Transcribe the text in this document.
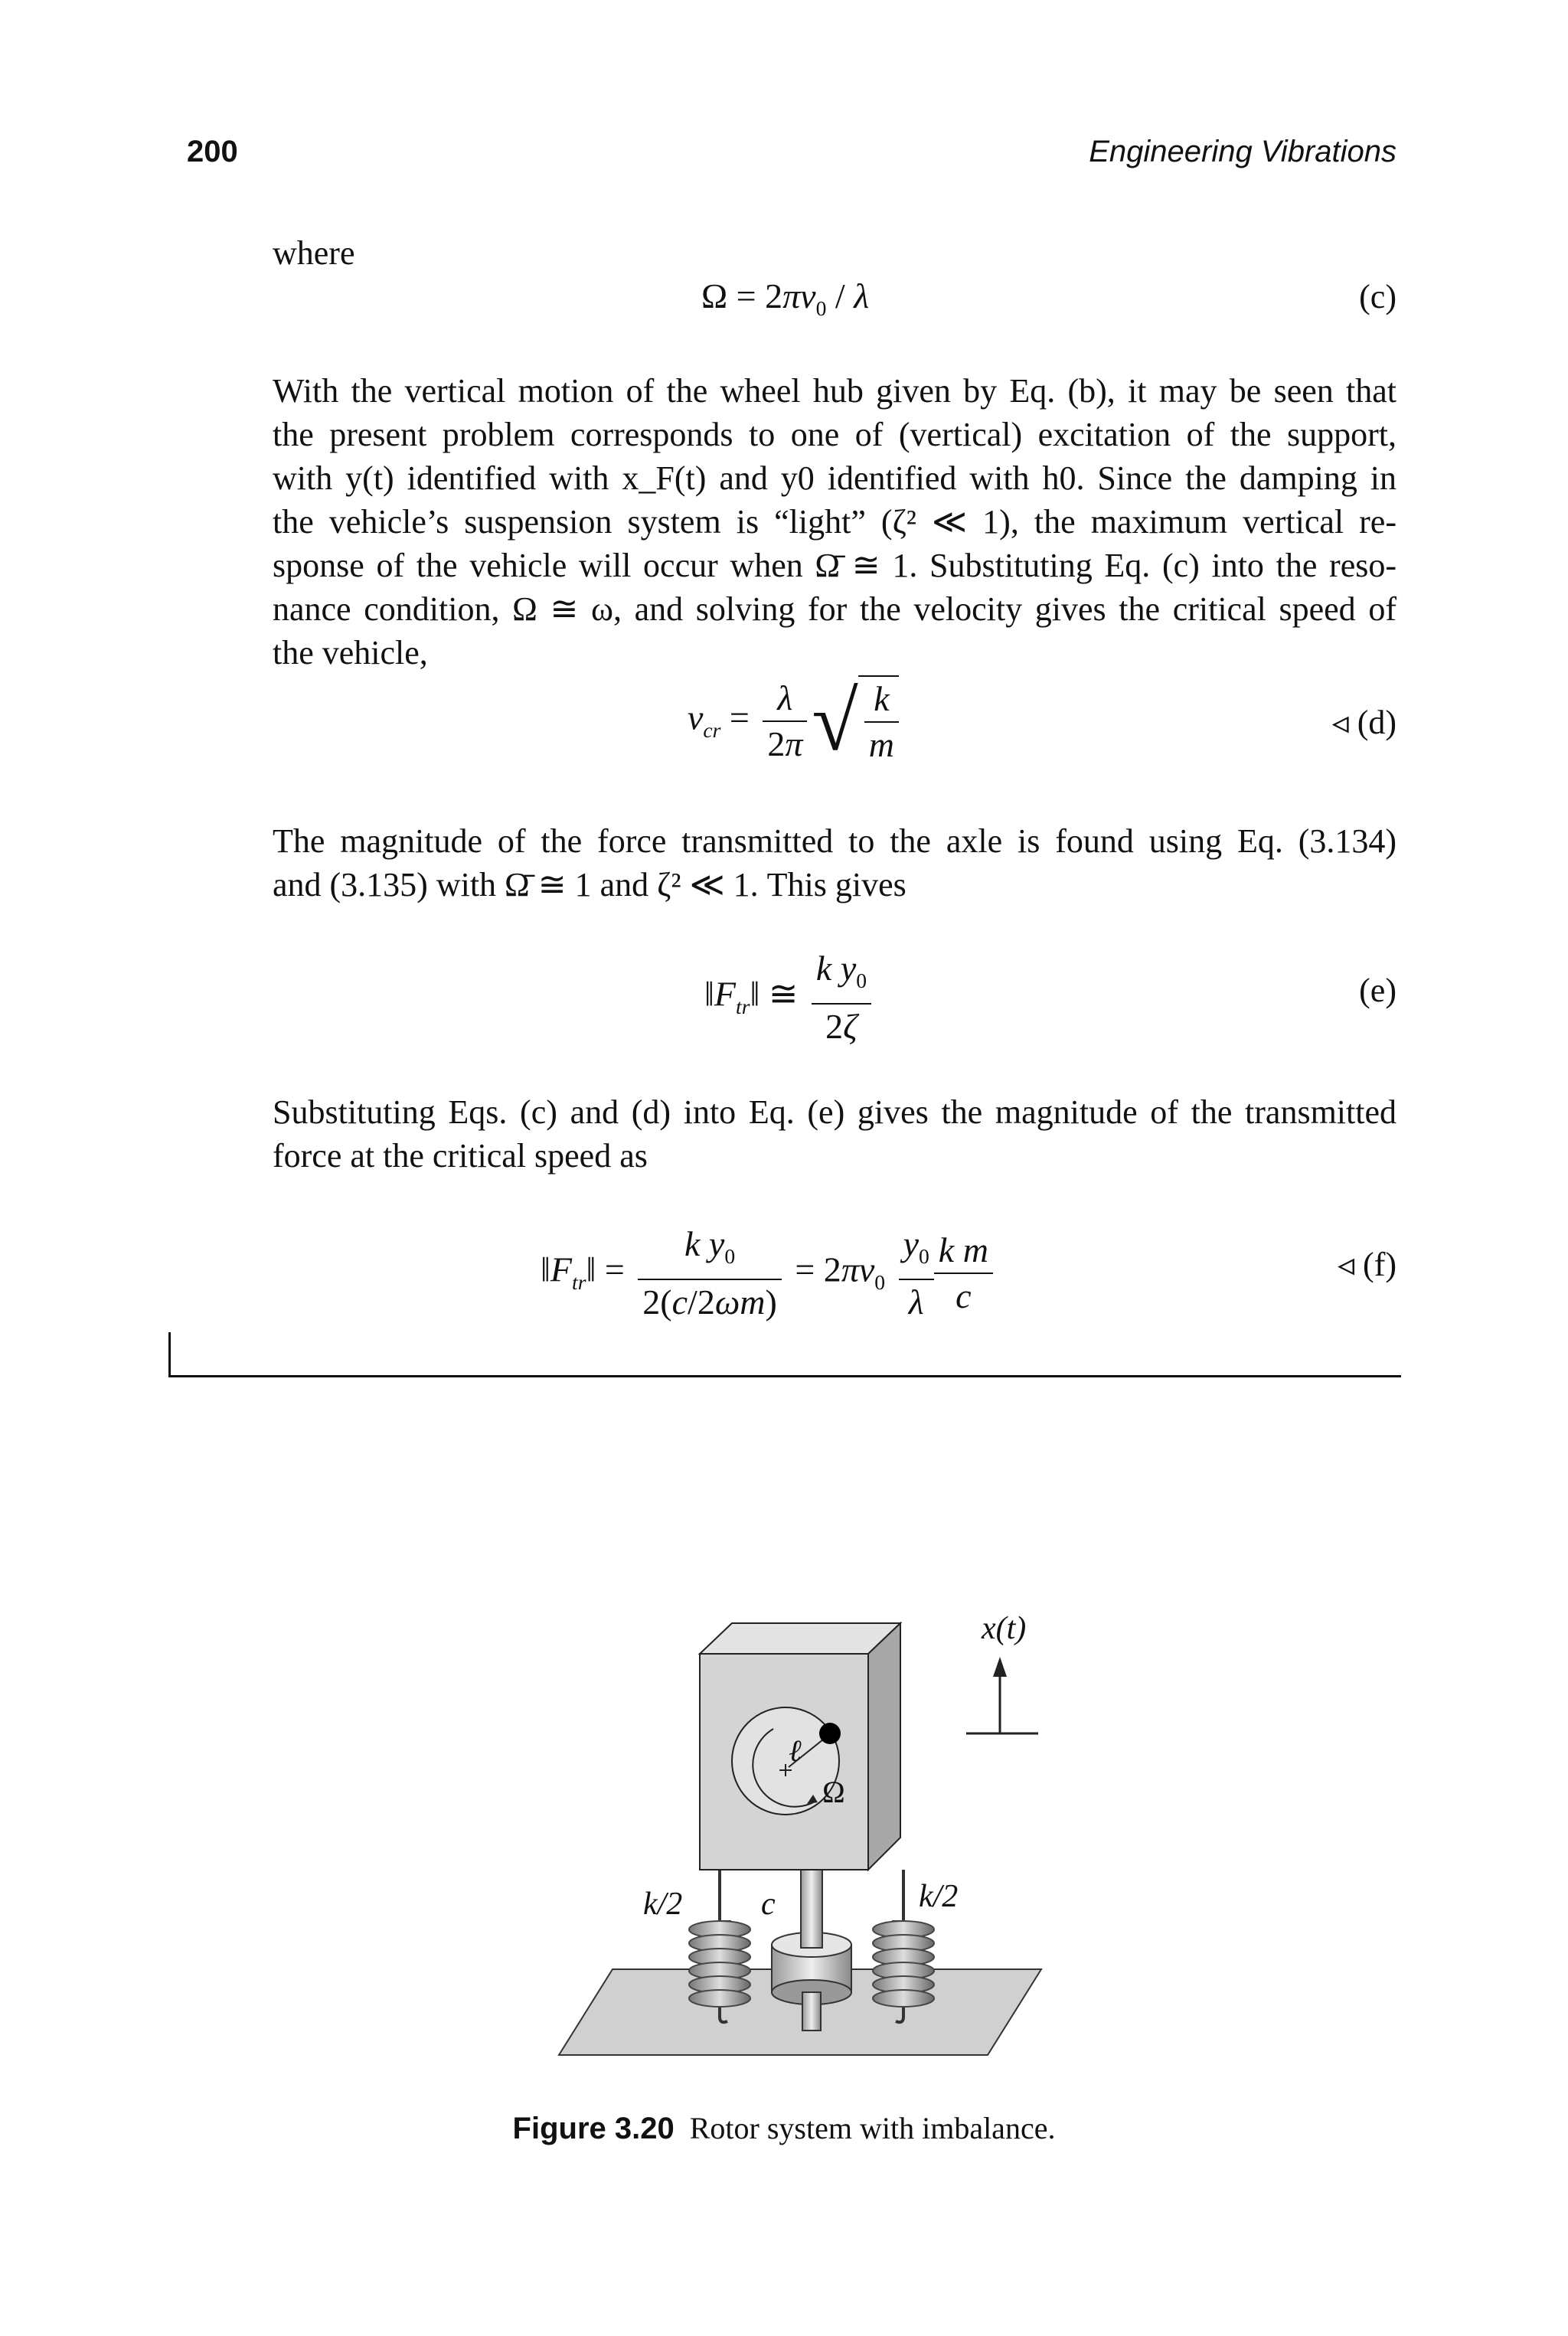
200	Engineering Vibrations
where
$\Omega = 2\pi v_0 / \lambda$	(c)
With the vertical motion of the wheel hub given by Eq. (b), it may be seen that
the present problem corresponds to one of (vertical) excitation of the support,
with y(t) identified with x_F(t) and y0 identified with h0. Since the damping in
the vehicle’s suspension system is “light” (ζ² ≪ 1), the maximum vertical re-
sponse of the vehicle will occur when Ω̄ ≅ 1. Substituting Eq. (c) into the reso-
nance condition, Ω ≅ ω, and solving for the velocity gives the critical speed of
the vehicle,
$v_{cr} = \frac{\lambda}{2\pi}$ √ $\frac{k}{m}$	◃ (d)
The magnitude of the force transmitted to the axle is found using Eq. (3.134)
and (3.135) with Ω̄ ≅ 1 and ζ² ≪ 1. This gives
$‖F_{tr}‖$ ≅ $\frac{k y_0}{2\zeta}$	(e)
Substituting Eqs. (c) and (d) into Eq. (e) gives the magnitude of the transmitted
force at the critical speed as
$‖F_{tr}‖ = \frac{k y_0}{2(c/2\omega m)} = 2\pi v_0 \frac{y_0}{\lambda} \frac{\text{k m}}{c}$	◃ (f)
x(t)
ℓ
Ω
k/2 c	k/2
Figure 3.20 Rotor system with imbalance.
